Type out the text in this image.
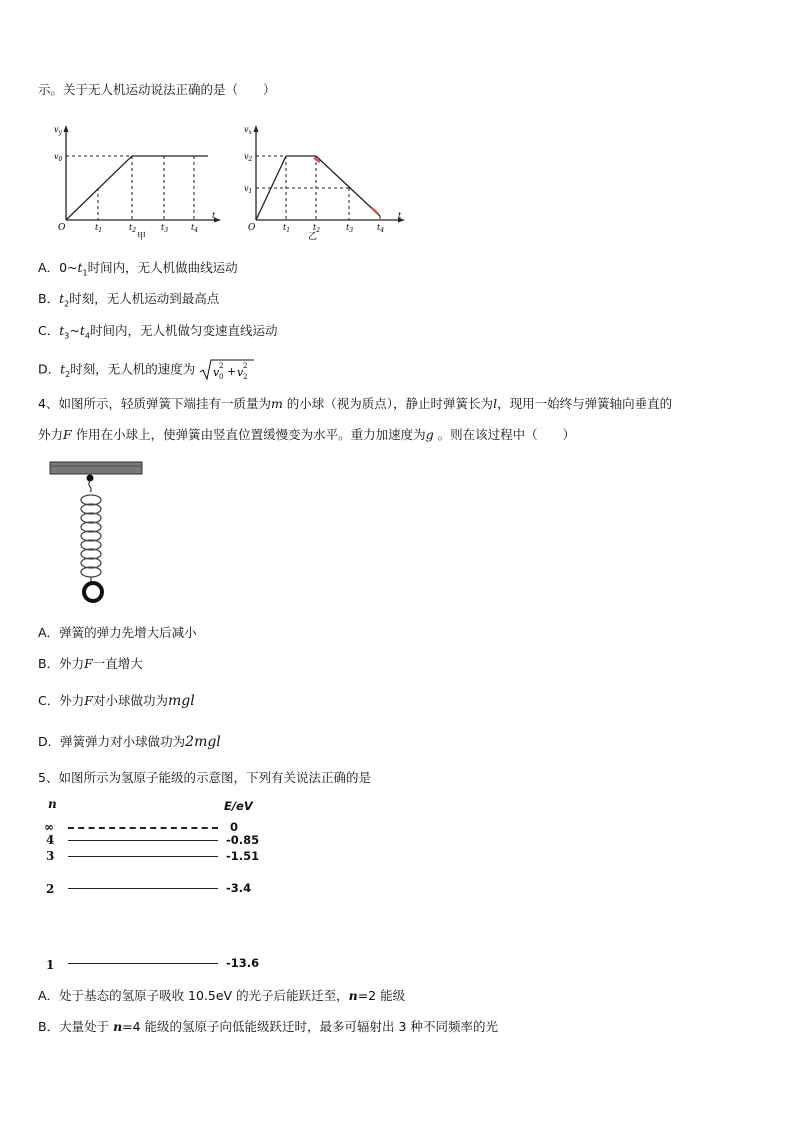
示。关于无人机运动说法正确的是（　　）
$v_y$
$v_0$
O	$t_1$	$t_2$	$t_3$	$t_4$
t
甲
$v_x$
$v_2$
$v_1$
O	$t_1$	$t_2$	$t_3$	$t_4$
t
乙
A．$0\sim t_1$时间内，无人机做曲线运动
B．$t_2$时刻，无人机运动到最高点
C．$t_3\sim t_4$时间内，无人机做匀变速直线运动
D．$t_2$时刻，无人机的速度为 v 2
0 + v 2
2
4、如图所示，轻质弹簧下端挂有一质量为m 的小球（视为质点），静止时弹簧长为l，现用一始终与弹簧轴向垂直的
外力F 作用在小球上，使弹簧由竖直位置缓慢变为水平。重力加速度为g 。则在该过程中（　　）
A．弹簧的弹力先增大后减小
B．外力F一直增大
C．外力F对小球做功为mgl
D．弹簧弹力对小球做功为2mgl
5、如图所示为氢原子能级的示意图，下列有关说法正确的是
n	E/eV
∞	0
4	-0.85
3	-1.51
2	-3.4
1	-13.6
A．处于基态的氢原子吸收 10.5eV 的光子后能跃迁至，n=2 能级
B．大量处于 n=4 能级的氢原子向低能级跃迁时，最多可辐射出 3 种不同频率的光
